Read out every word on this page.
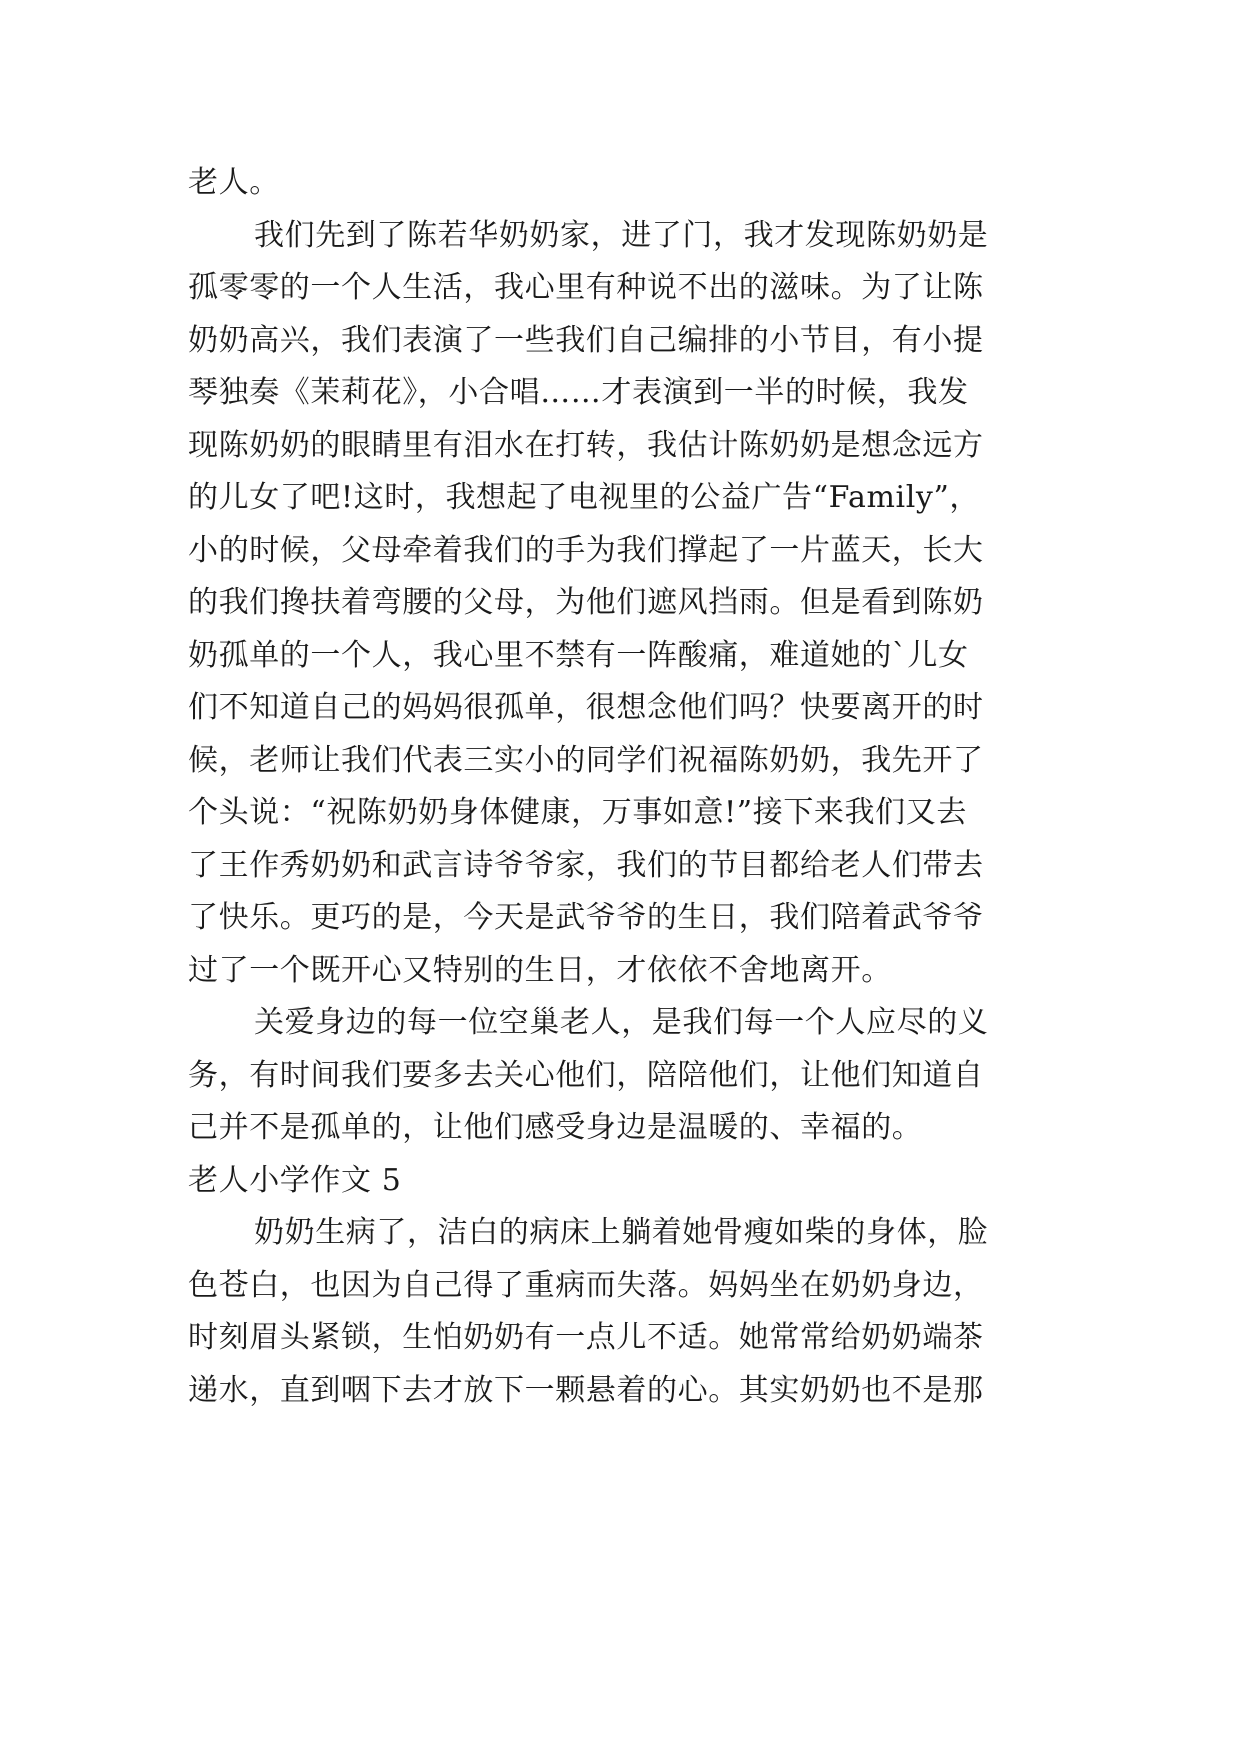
老人。
我们先到了陈若华奶奶家，进了门，我才发现陈奶奶是
孤零零的一个人生活，我心里有种说不出的滋味。为了让陈
奶奶高兴，我们表演了一些我们自己编排的小节目，有小提
琴独奏《茉莉花》，小合唱……才表演到一半的时候，我发
现陈奶奶的眼睛里有泪水在打转，我估计陈奶奶是想念远方
的儿女了吧!这时，我想起了电视里的公益广告“Family”，
小的时候，父母牵着我们的手为我们撑起了一片蓝天，长大
的我们搀扶着弯腰的父母，为他们遮风挡雨。但是看到陈奶
奶孤单的一个人，我心里不禁有一阵酸痛，难道她的`儿女
们不知道自己的妈妈很孤单，很想念他们吗？快要离开的时
候，老师让我们代表三实小的同学们祝福陈奶奶，我先开了
个头说：“祝陈奶奶身体健康，万事如意!”接下来我们又去
了王作秀奶奶和武言诗爷爷家，我们的节目都给老人们带去
了快乐。更巧的是，今天是武爷爷的生日，我们陪着武爷爷
过了一个既开心又特别的生日，才依依不舍地离开。
关爱身边的每一位空巢老人，是我们每一个人应尽的义
务，有时间我们要多去关心他们，陪陪他们，让他们知道自
己并不是孤单的，让他们感受身边是温暖的、幸福的。
老人小学作文 5
奶奶生病了，洁白的病床上躺着她骨瘦如柴的身体，脸
色苍白，也因为自己得了重病而失落。妈妈坐在奶奶身边，
时刻眉头紧锁，生怕奶奶有一点儿不适。她常常给奶奶端茶
递水，直到咽下去才放下一颗悬着的心。其实奶奶也不是那
